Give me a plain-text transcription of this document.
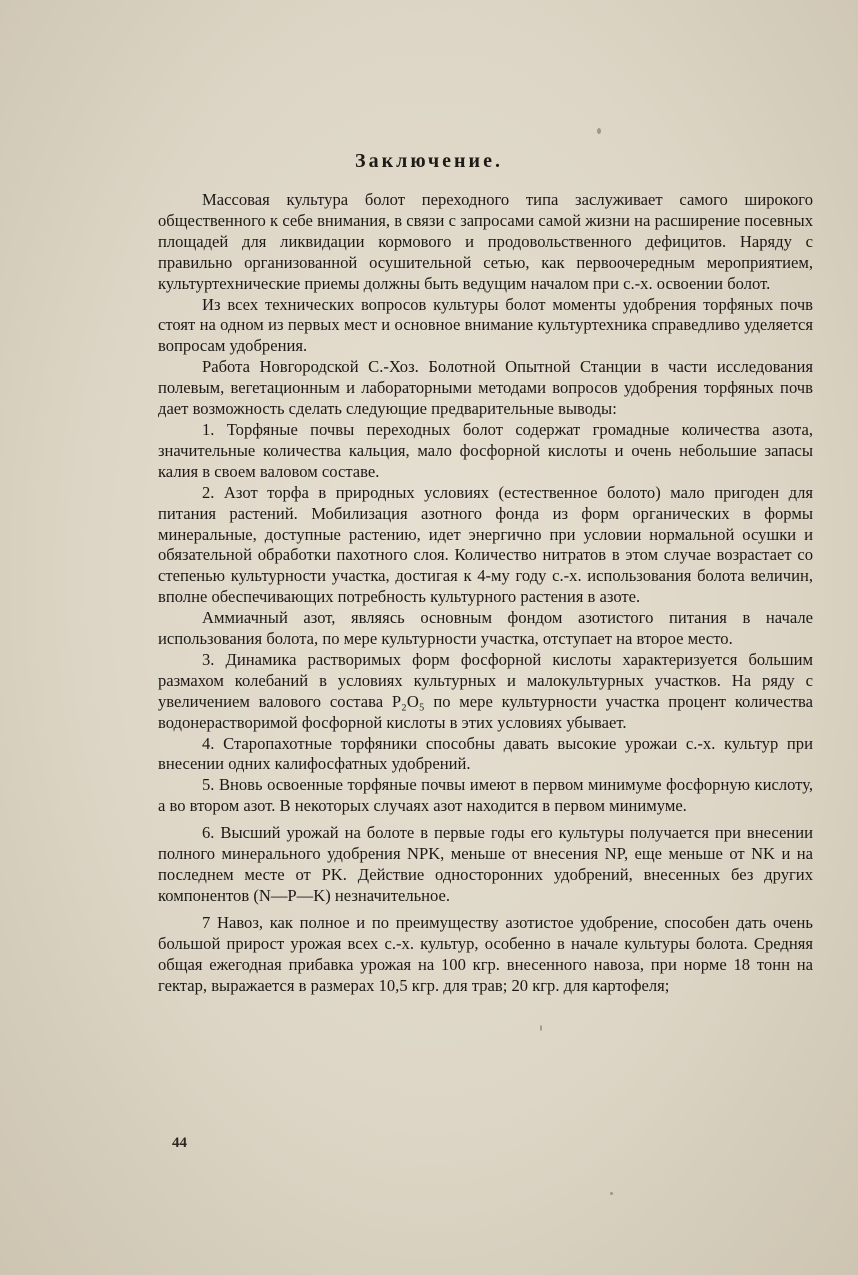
Заключение.

Массовая культура болот переходного типа заслуживает самого широкого общественного к себе внимания, в связи с запросами самой жизни на расширение посевных площадей для ликвидации кормового и продовольственного дефицитов. Наряду с правильно организованной осушительной сетью, как первоочередным мероприятием, культуртехнические приемы должны быть ведущим началом при с.-х. освоении болот.

Из всех технических вопросов культуры болот моменты удобрения торфяных почв стоят на одном из первых мест и основное внимание культуртехника справедливо уделяется вопросам удобрения.

Работа Новгородской С.-Хоз. Болотной Опытной Станции в части исследования полевым, вегетационным и лабораторными методами вопросов удобрения торфяных почв дает возможность сделать следующие предварительные выводы:

1. Торфяные почвы переходных болот содержат громадные количества азота, значительные количества кальция, мало фосфорной кислоты и очень небольшие запасы калия в своем валовом составе.

2. Азот торфа в природных условиях (естественное болото) мало пригоден для питания растений. Мобилизация азотного фонда из форм органических в формы минеральные, доступные растению, идет энергично при условии нормальной осушки и обязательной обработки пахотного слоя. Количество нитратов в этом случае возрастает со степенью культурности участка, достигая к 4-му году с.-х. использования болота величин, вполне обеспечивающих потребность культурного растения в азоте.

Аммиачный азот, являясь основным фондом азотистого питания в начале использования болота, по мере культурности участка, отступает на второе место.

3. Динамика растворимых форм фосфорной кислоты характеризуется большим размахом колебаний в условиях культурных и малокультурных участков. На ряду с увеличением валового состава P₂O₅ по мере культурности участка процент количества водонерастворимой фосфорной кислоты в этих условиях убывает.

4. Старопахотные торфяники способны давать высокие урожаи с.-х. культур при внесении одних калифосфатных удобрений.

5. Вновь освоенные торфяные почвы имеют в первом минимуме фосфорную кислоту, а во втором азот. В некоторых случаях азот находится в первом минимуме.

6. Высший урожай на болоте в первые годы его культуры получается при внесении полного минерального удобрения NPK, меньше от внесения NP, еще меньше от NK и на последнем месте от PK. Действие односторонних удобрений, внесенных без других компонентов (N—P—K) незначительное.

7 Навоз, как полное и по преимуществу азотистое удобрение, способен дать очень большой прирост урожая всех с.-х. культур, особенно в начале культуры болота. Средняя общая ежегодная прибавка урожая на 100 кгр. внесенного навоза, при норме 18 тонн на гектар, выражается в размерах 10,5 кгр. для трав; 20 кгр. для картофеля;

44
